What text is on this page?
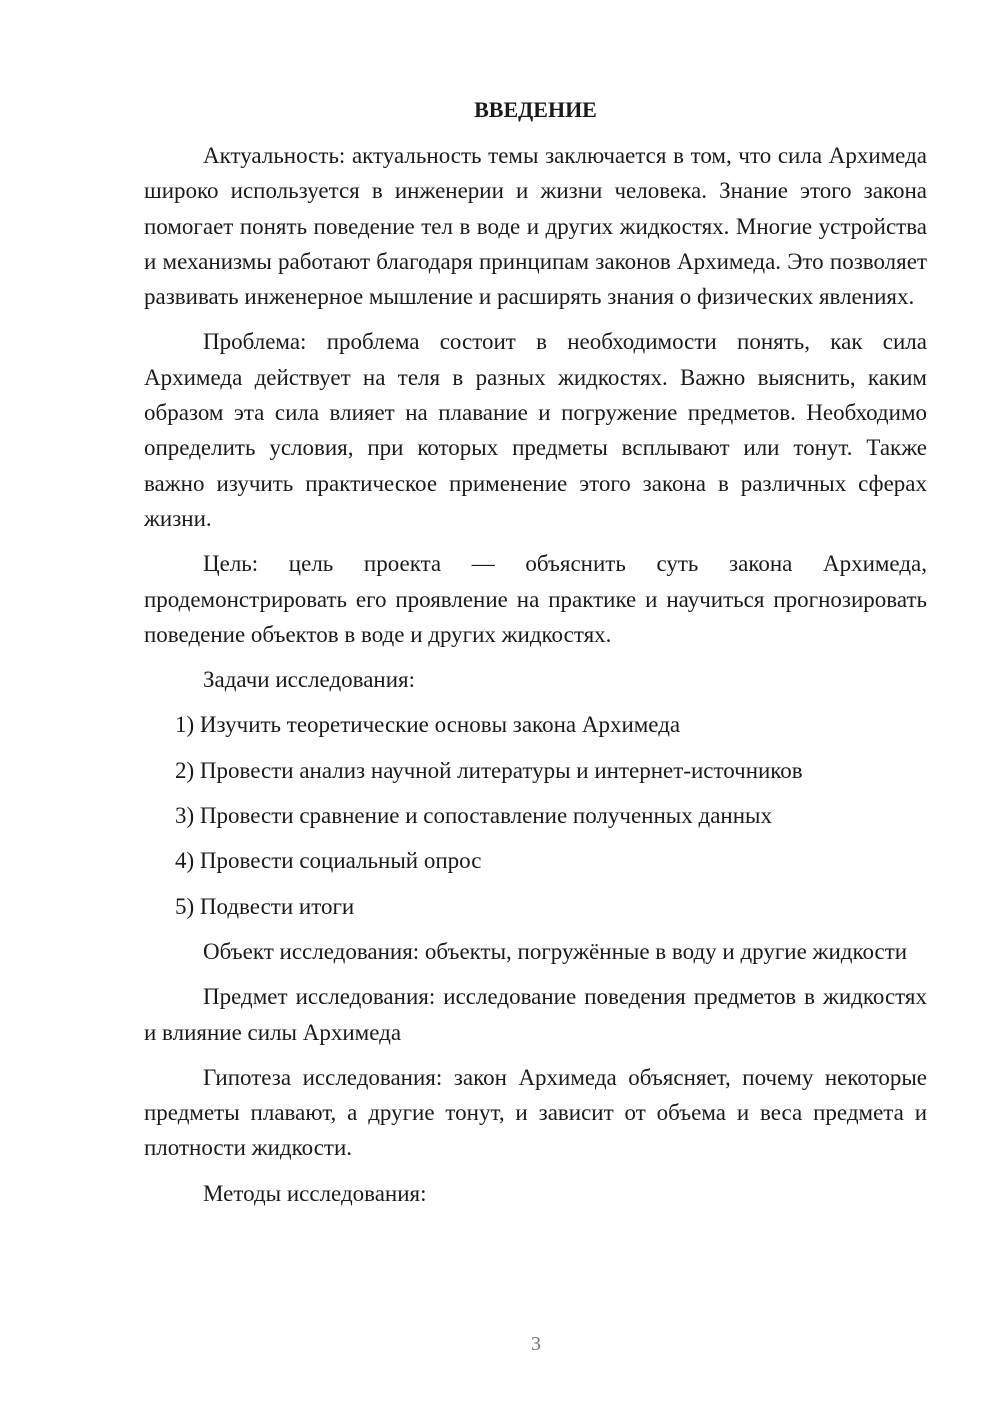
ВВЕДЕНИЕ

Актуальность: актуальность темы заключается в том, что сила Архимеда широко используется в инженерии и жизни человека. Знание этого закона помогает понять поведение тел в воде и других жидкостях. Многие устройства и механизмы работают благодаря принципам законов Архимеда. Это позволяет развивать инженерное мышление и расширять знания о физических явлениях.

Проблема: проблема состоит в необходимости понять, как сила Архимеда действует на теля в разных жидкостях. Важно выяснить, каким образом эта сила влияет на плавание и погружение предметов. Необходимо определить условия, при которых предметы всплывают или тонут. Также важно изучить практическое применение этого закона в различных сферах жизни.

Цель: цель проекта — объяснить суть закона Архимеда, продемонстрировать его проявление на практике и научиться прогнозировать поведение объектов в воде и других жидкостях.

Задачи исследования:

1) Изучить теоретические основы закона Архимеда
2) Провести анализ научной литературы и интернет-источников
3) Провести сравнение и сопоставление полученных данных
4) Провести социальный опрос
5) Подвести итоги

Объект исследования: объекты, погружённые в воду и другие жидкости

Предмет исследования: исследование поведения предметов в жидкостях и влияние силы Архимеда

Гипотеза исследования: закон Архимеда объясняет, почему некоторые предметы плавают, а другие тонут, и зависит от объема и веса предмета и плотности жидкости.

Методы исследования:

3
